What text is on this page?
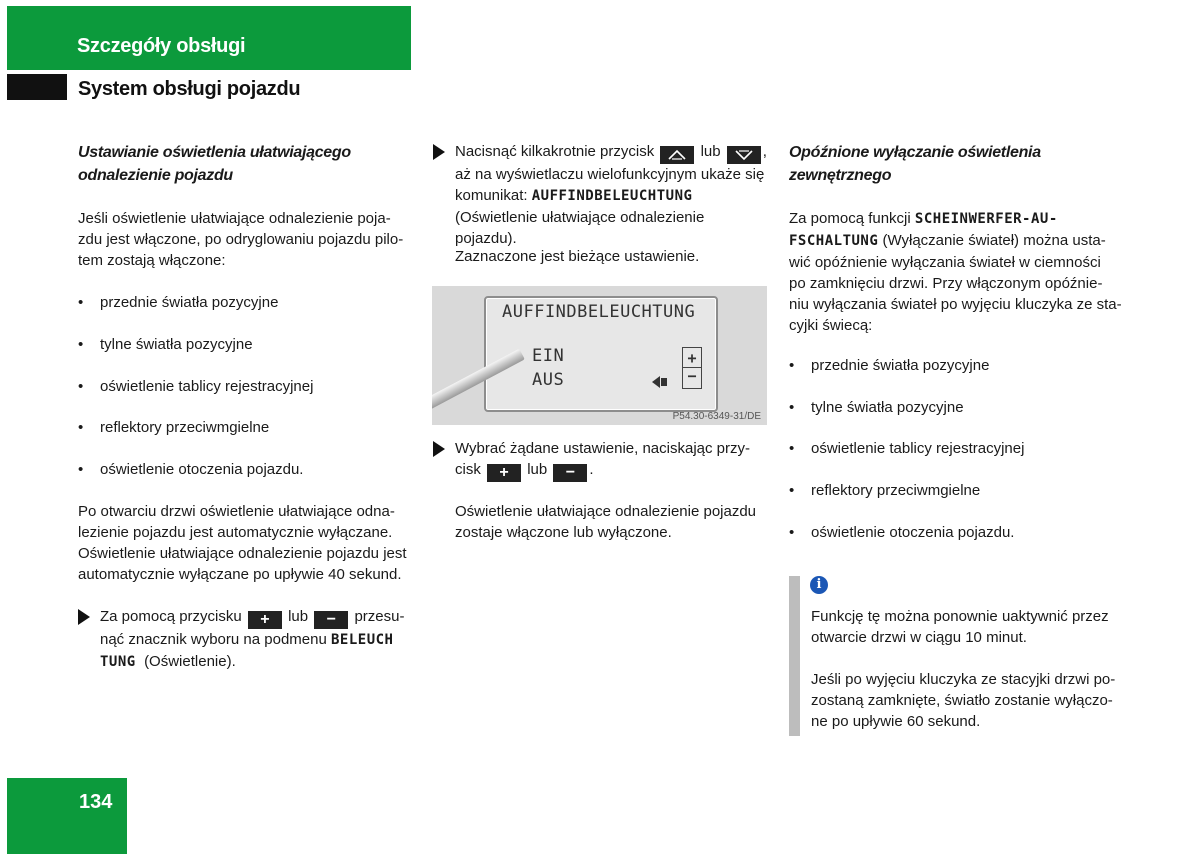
Szczegóły obsługi
System obsługi pojazdu

Ustawianie oświetlenia ułatwiającego

odnalezienie pojazdu

Jeśli oświetlenie ułatwiające odnalezienie poja-

zdu jest włączone, po odryglowaniu pojazdu pilo-

tem zostają włączone:

• przednie światła pozycyjne

• tylne światła pozycyjne

• oświetlenie tablicy rejestracyjnej

• reflektory przeciwmgielne

• oświetlenie otoczenia pojazdu.

Po otwarciu drzwi oświetlenie ułatwiające odna-

lezienie pojazdu jest automatycznie wyłączane.

Oświetlenie ułatwiające odnalezienie pojazdu jest

automatycznie wyłączane po upływie 40 sekund.

Za pomocą przycisku + lub − przesu-

nąć znacznik wyboru na podmenu BELEUCH

TUNG (Oświetlenie).

Nacisnąć kilkakrotnie przycisk	lub	,

aż na wyświetlaczu wielofunkcyjnym ukaże się

komunikat: AUFFINDBELEUCHTUNG

(Oświetlenie ułatwiające odnalezienie pojazdu).

Zaznaczone jest bieżące ustawienie.

AUFFINDBELEUCHTUNG
EIN
AUS
+
−
P54.30-6349-31/DE

Wybrać żądane ustawienie, naciskając przy-

cisk + lub − .

Oświetlenie ułatwiające odnalezienie pojazdu

zostaje włączone lub wyłączone.

Opóźnione wyłączanie oświetlenia

zewnętrznego

Za pomocą funkcji SCHEINWERFER-AU-

FSCHALTUNG (Wyłączanie świateł) można usta-

wić opóźnienie wyłączania świateł w ciemności

po zamknięciu drzwi. Przy włączonym opóźnie-

niu wyłączania świateł po wyjęciu kluczyka ze sta-

cyjki świecą:

• przednie światła pozycyjne

• tylne światła pozycyjne

• oświetlenie tablicy rejestracyjnej

• reflektory przeciwmgielne

• oświetlenie otoczenia pojazdu.

i

Funkcję tę można ponownie uaktywnić przez

otwarcie drzwi w ciągu 10 minut.

Jeśli po wyjęciu kluczyka ze stacyjki drzwi po-

zostaną zamknięte, światło zostanie wyłączo-

ne po upływie 60 sekund.

134
